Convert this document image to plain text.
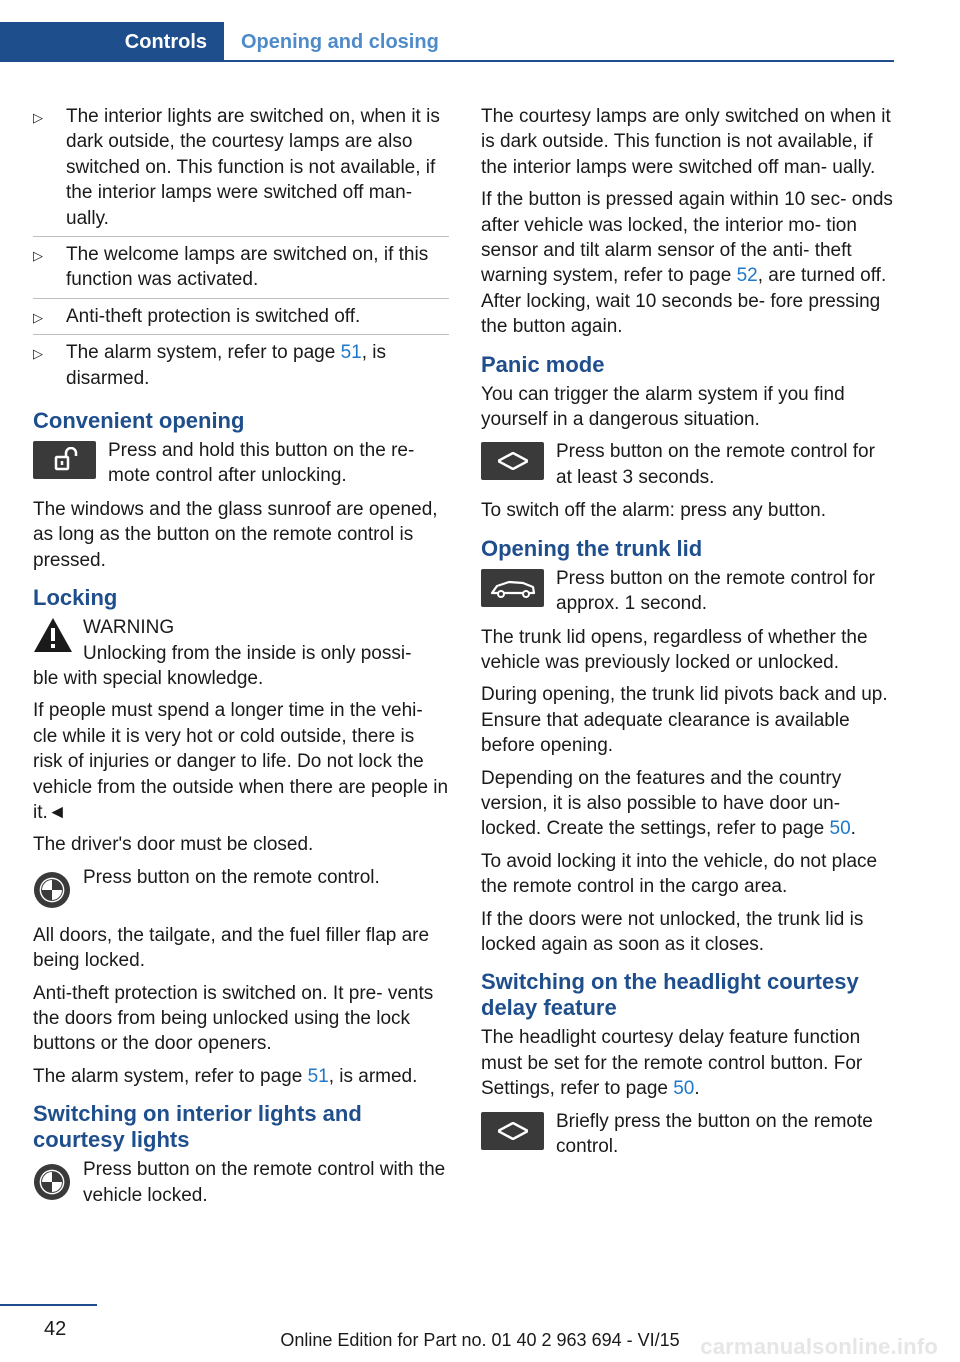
Controls	Opening and closing
▷ The interior lights are switched on, when it is dark outside, the courtesy lamps are also switched on. This function is not available, if the interior lamps were switched off man- ually.
▷ The welcome lamps are switched on, if this function was activated.
▷ Anti-theft protection is switched off.
▷ The alarm system, refer to page 51, is disarmed.
Convenient opening
Press and hold this button on the re- mote control after unlocking.

The windows and the glass sunroof are opened, as long as the button on the remote control is pressed.

Locking
WARNING
Unlocking from the inside is only possi-

ble with special knowledge.

If people must spend a longer time in the vehi- cle while it is very hot or cold outside, there is risk of injuries or danger to life. Do not lock the vehicle from the outside when there are people in it.◄

The driver's door must be closed.

Press button on the remote control.

All doors, the tailgate, and the fuel filler flap are being locked.

Anti-theft protection is switched on. It pre- vents the doors from being unlocked using the lock buttons or the door openers.

The alarm system, refer to page 51, is armed.

Switching on interior lights and courtesy lights
Press button on the remote control with the vehicle locked.

The courtesy lamps are only switched on when it is dark outside. This function is not available, if the interior lamps were switched off man- ually.

If the button is pressed again within 10 sec- onds after vehicle was locked, the interior mo- tion sensor and tilt alarm sensor of the anti- theft warning system, refer to page 52, are turned off. After locking, wait 10 seconds be- fore pressing the button again.

Panic mode

You can trigger the alarm system if you find yourself in a dangerous situation.

Press button on the remote control for at least 3 seconds.

To switch off the alarm: press any button.

Opening the trunk lid
Press button on the remote control for approx. 1 second.

The trunk lid opens, regardless of whether the vehicle was previously locked or unlocked.

During opening, the trunk lid pivots back and up. Ensure that adequate clearance is available before opening.

Depending on the features and the country version, it is also possible to have door un- locked. Create the settings, refer to page 50.

To avoid locking it into the vehicle, do not place the remote control in the cargo area.

If the doors were not unlocked, the trunk lid is locked again as soon as it closes.

Switching on the headlight courtesy delay feature

The headlight courtesy delay feature function must be set for the remote control button. For Settings, refer to page 50.

Briefly press the button on the remote control.
42	Online Edition for Part no. 01 40 2 963 694 - VI/15 carmanualsonline.info
